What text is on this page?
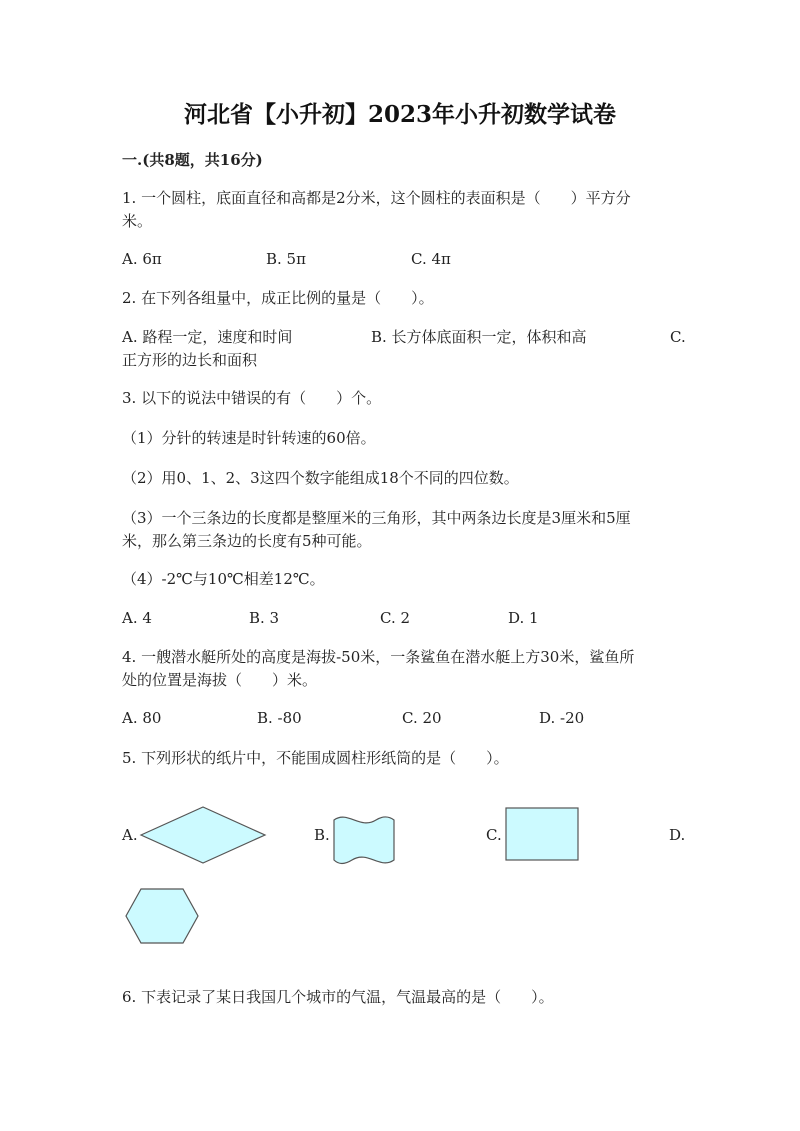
河北省【小升初】2023年小升初数学试卷
一.(共8题，共16分)
1. 一个圆柱，底面直径和高都是2分米，这个圆柱的表面积是（　　）平方分
米。
A. 6π	B. 5π	C. 4π
2. 在下列各组量中，成正比例的量是（　　）。
A. 路程一定，速度和时间	B. 长方体底面积一定，体积和高	C.
正方形的边长和面积
3. 以下的说法中错误的有（　　）个。
（1）分针的转速是时针转速的60倍。
（2）用0、1、2、3这四个数字能组成18个不同的四位数。
（3）一个三条边的长度都是整厘米的三角形，其中两条边长度是3厘米和5厘
米，那么第三条边的长度有5种可能。
（4）-2℃与10℃相差12℃。
A. 4	B. 3	C. 2	D. 1
4. 一艘潜水艇所处的高度是海拔-50米，一条鲨鱼在潜水艇上方30米，鲨鱼所
处的位置是海拔（　　）米。
A. 80	B. -80	C. 20	D. -20
5. 下列形状的纸片中，不能围成圆柱形纸筒的是（　　）。
A.	B.	C.	D.
6. 下表记录了某日我国几个城市的气温，气温最高的是（　　）。
